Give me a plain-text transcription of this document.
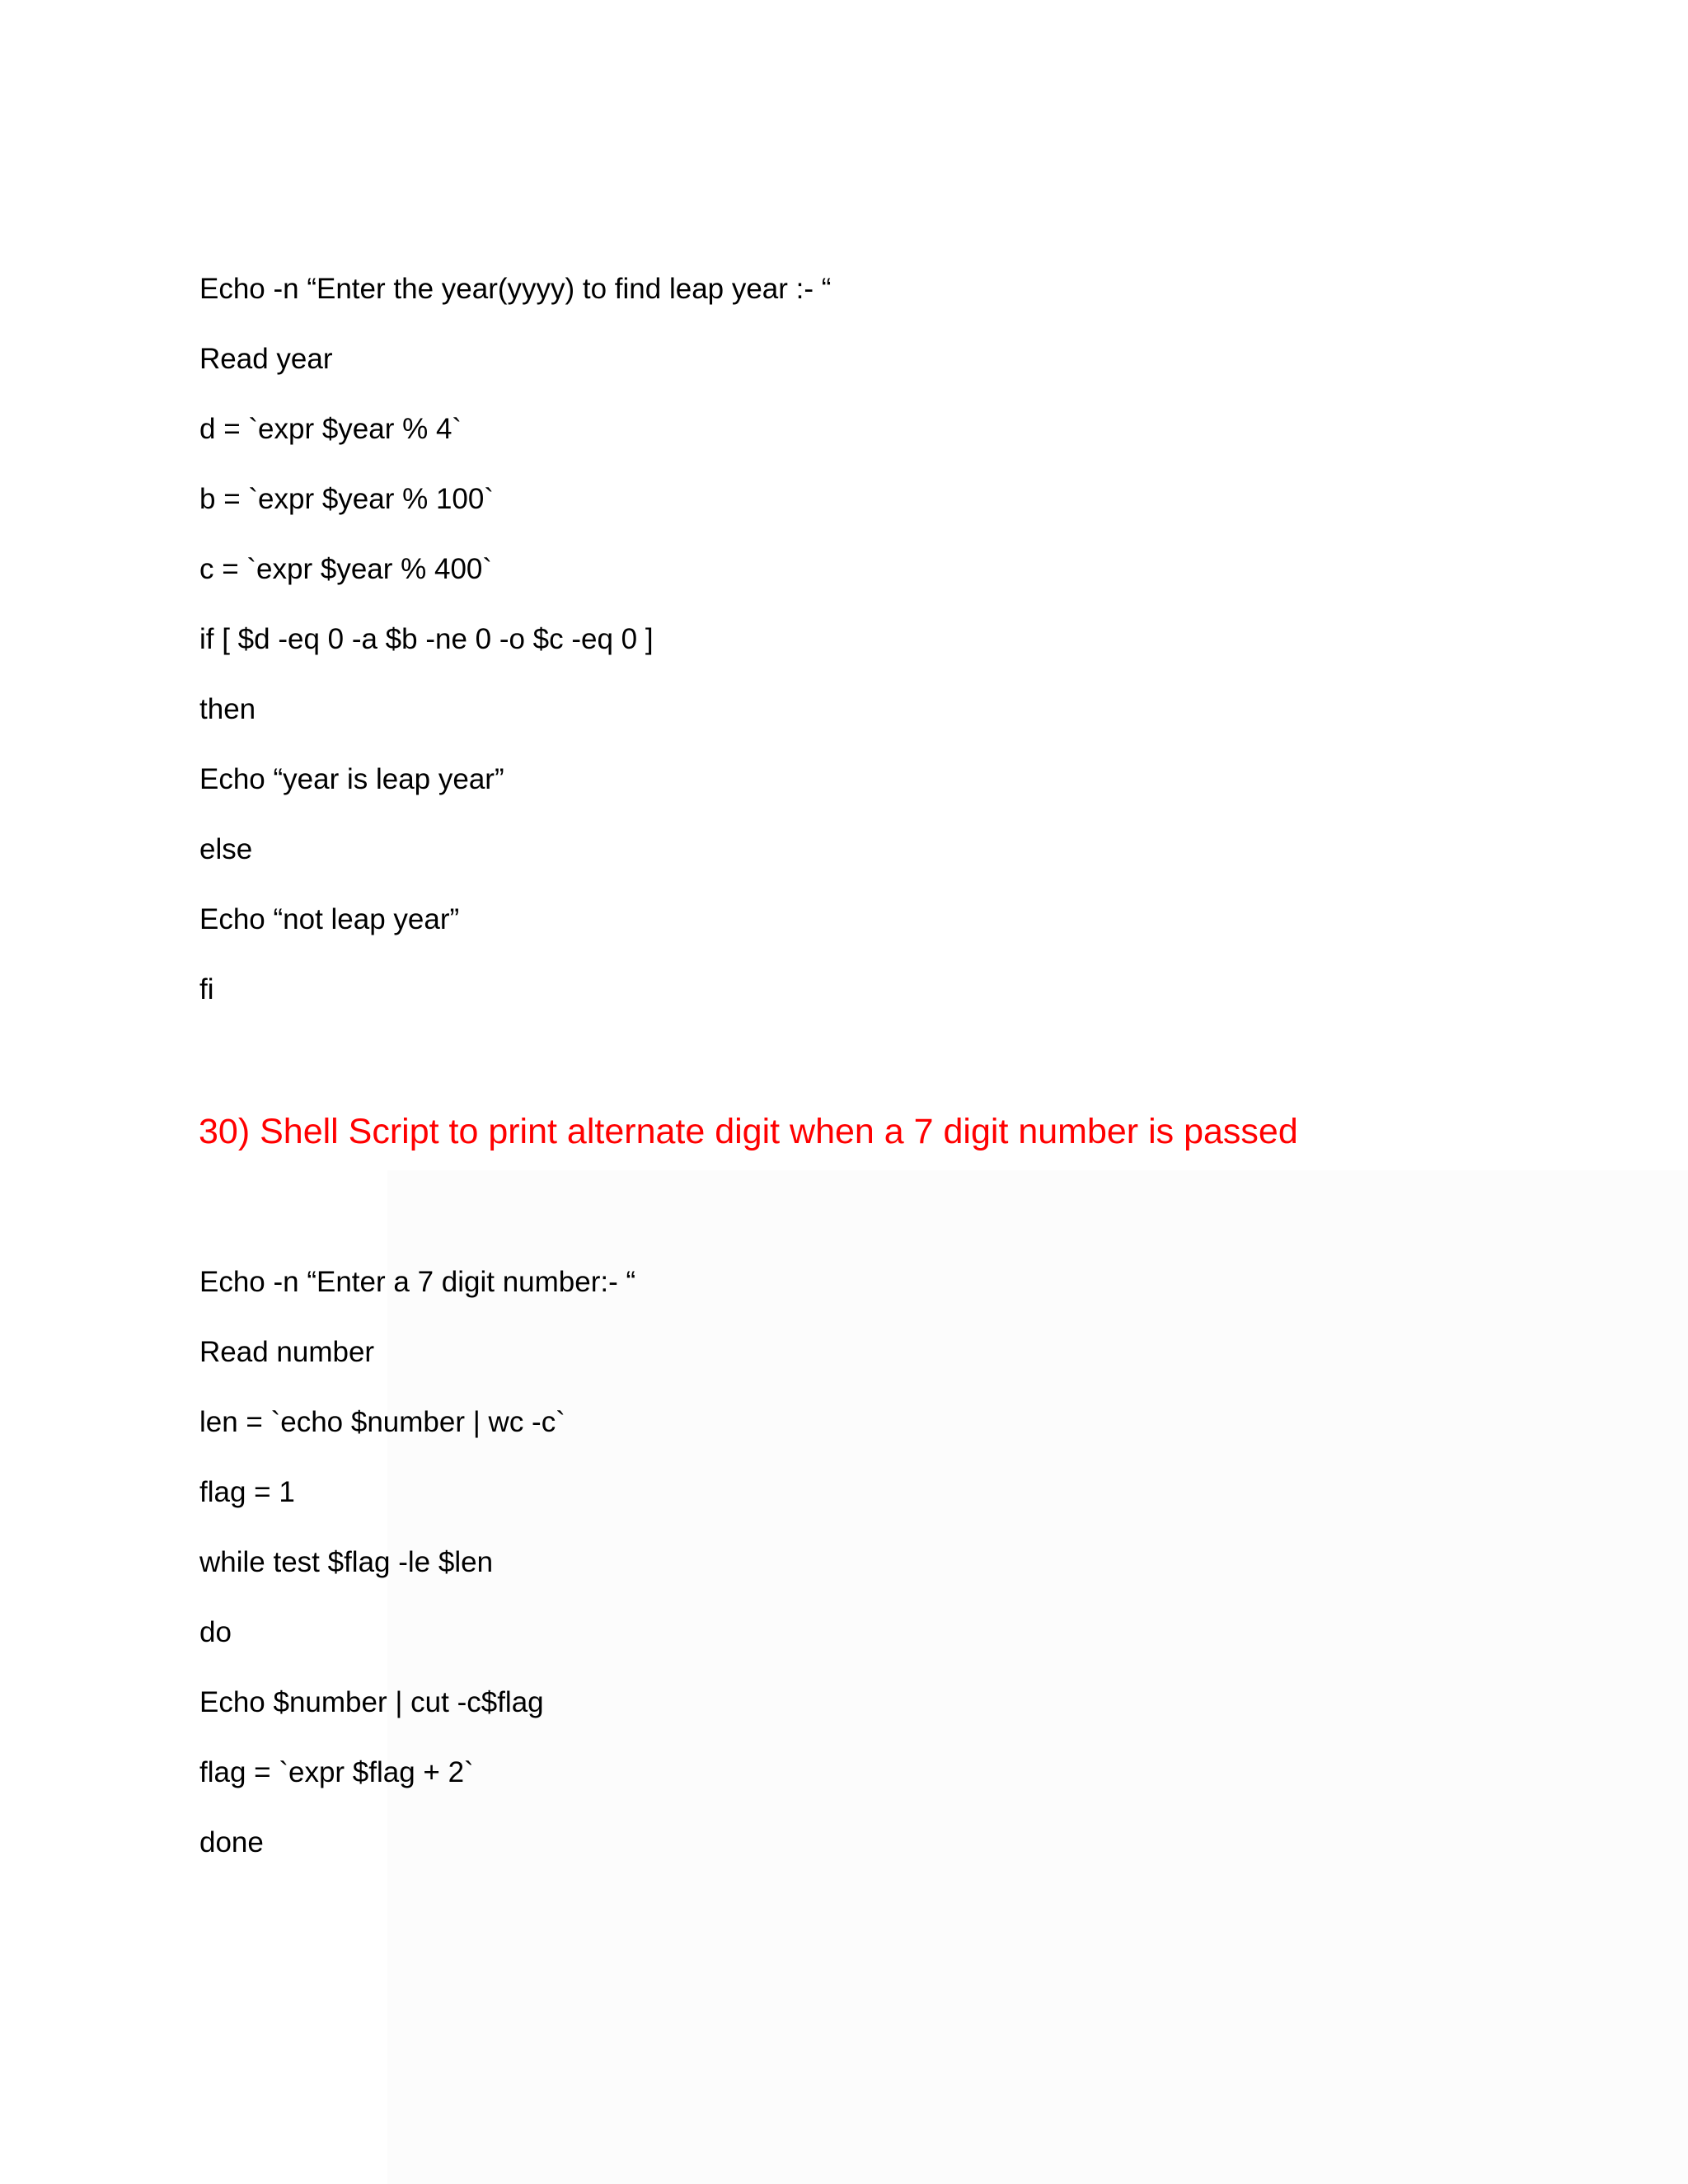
Echo -n “Enter the year(yyyy) to find leap year :- “
Read year
d = `expr $year % 4`
b = `expr $year % 100`
c = `expr $year % 400`
if [ $d -eq 0 -a $b -ne 0 -o $c -eq 0 ]
then
Echo “year is leap year”
else
Echo “not leap year”
fi
30) Shell Script to print alternate digit when a 7 digit number is passed
Echo -n “Enter a 7 digit number:- “
Read number
len = `echo $number | wc -c`
flag = 1
while test $flag -le $len
do
Echo $number | cut -c$flag
flag = `expr $flag + 2`
done
